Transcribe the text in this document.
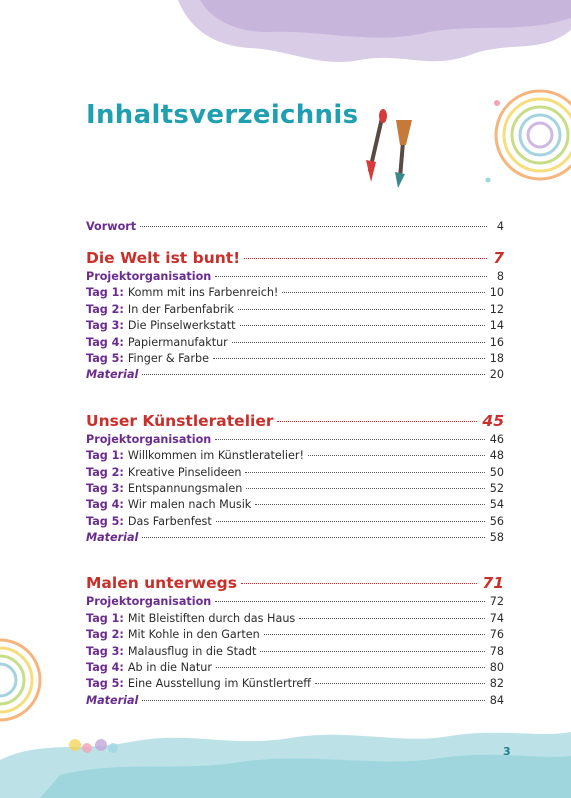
Inhaltsverzeichnis
Vorwort	4
Die Welt ist bunt!	7
Projektorganisation	8
Tag 1: Komm mit ins Farbenreich!	10
Tag 2: In der Farbenfabrik	12
Tag 3: Die Pinselwerkstatt	14
Tag 4: Papiermanufaktur	16
Tag 5: Finger & Farbe	18
Material	20
Unser Künstleratelier	45
Projektorganisation	46
Tag 1: Willkommen im Künstleratelier!	48
Tag 2: Kreative Pinselideen	50
Tag 3: Entspannungsmalen	52
Tag 4: Wir malen nach Musik	54
Tag 5: Das Farbenfest	56
Material	58
Malen unterwegs	71
Projektorganisation	72
Tag 1: Mit Bleistiften durch das Haus	74
Tag 2: Mit Kohle in den Garten	76
Tag 3: Malausflug in die Stadt	78
Tag 4: Ab in die Natur	80
Tag 5: Eine Ausstellung im Künstlertreff	82
Material	84
3
